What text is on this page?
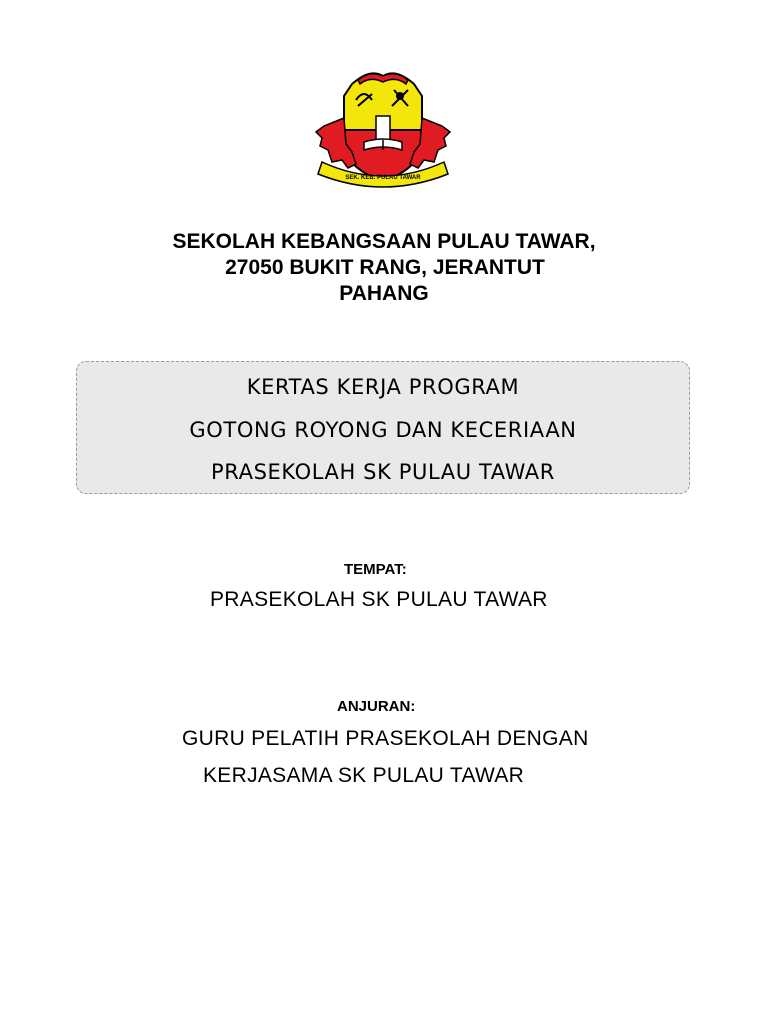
SEK. KEB. PULAU TAWAR
SEKOLAH KEBANGSAAN PULAU TAWAR,
27050 BUKIT RANG, JERANTUT
PAHANG
KERTAS KERJA PROGRAM
GOTONG ROYONG DAN KECERIAAN
PRASEKOLAH SK PULAU TAWAR
TEMPAT:
PRASEKOLAH SK PULAU TAWAR
ANJURAN:
GURU PELATIH PRASEKOLAH DENGAN
KERJASAMA SK PULAU TAWAR
